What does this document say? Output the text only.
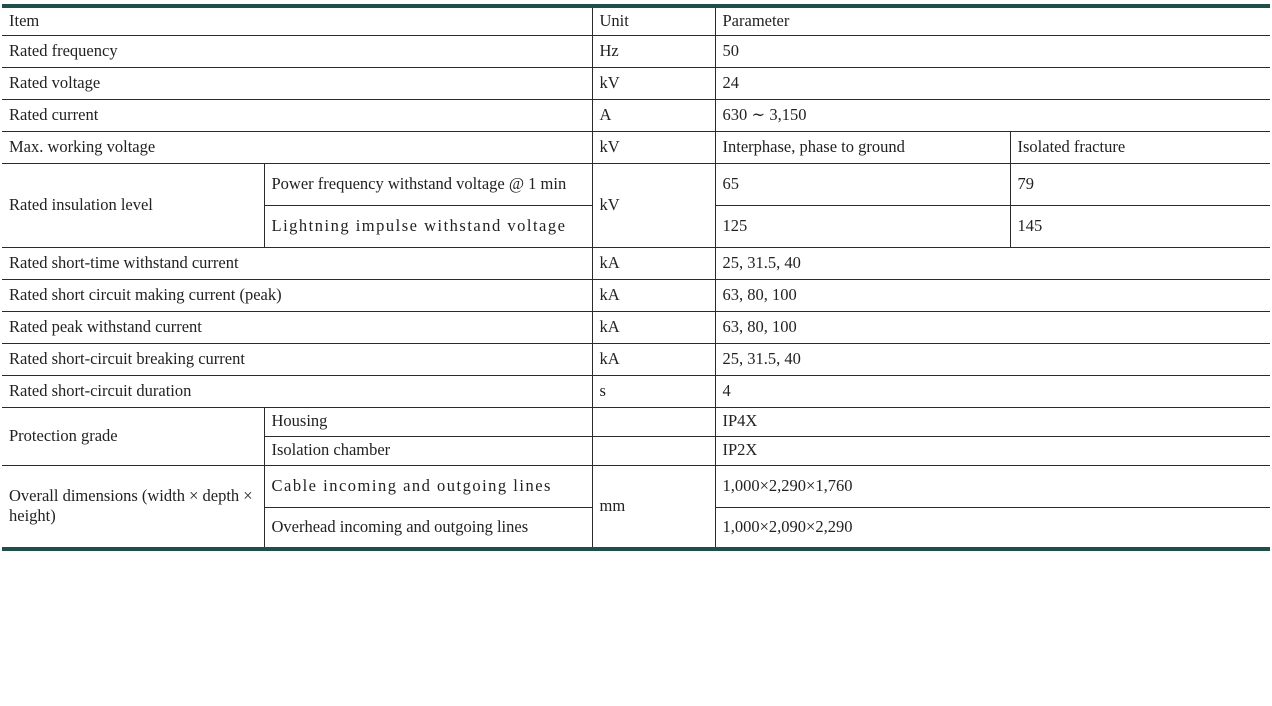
Item		Unit	Parameter	
Rated frequency		Hz	50	
Rated voltage		kV	24	
Rated current		A	630 ∼ 3,150	
Max. working voltage		kV	Interphase, phase to ground	Isolated fracture
Rated insulation level	Power frequency withstand voltage @ 1 min	kV	65	79
	Lightning impulse withstand voltage		125	145
Rated short-time withstand current		kA	25, 31.5, 40	
Rated short circuit making current (peak)		kA	63, 80, 100	
Rated peak withstand current		kA	63, 80, 100	
Rated short-circuit breaking current		kA	25, 31.5, 40	
Rated short-circuit duration		s	4	
Protection grade	Housing		IP4X	
	Isolation chamber		IP2X	
Overall dimensions (width × depth × height)	Cable incoming and outgoing lines	mm	1,000×2,290×1,760	
	Overhead incoming and outgoing lines		1,000×2,090×2,290	
